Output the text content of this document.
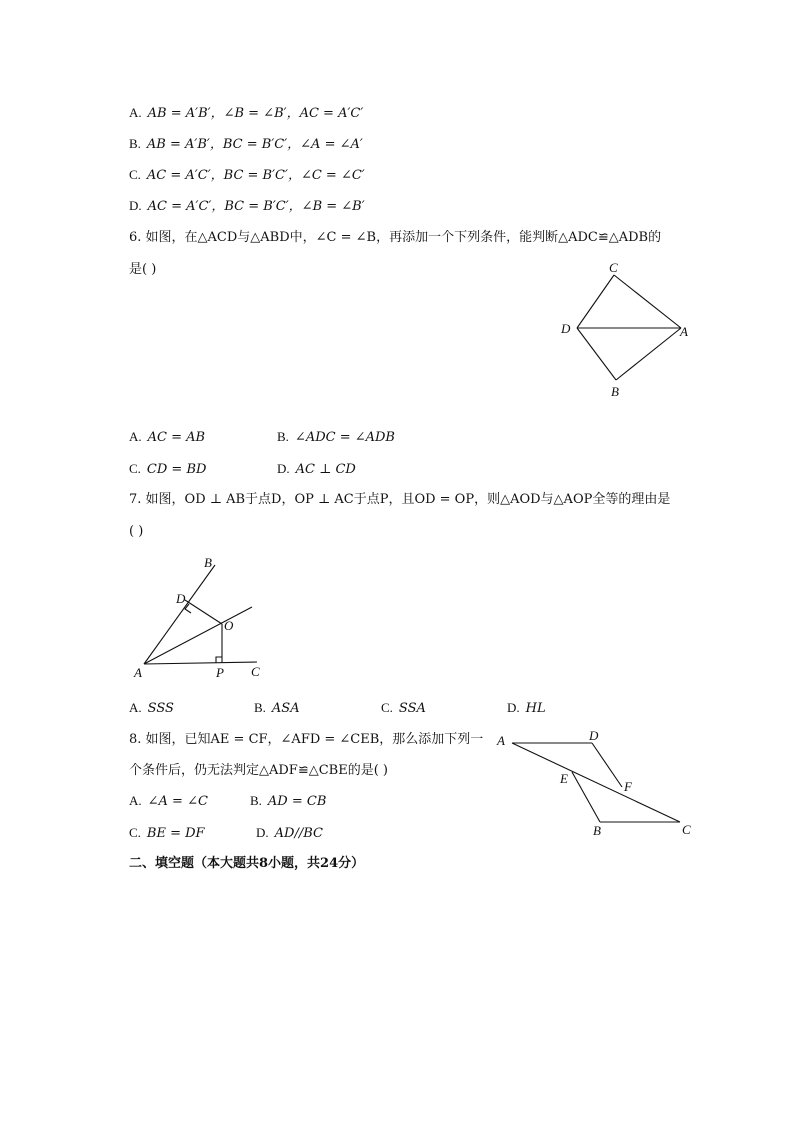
A. AB = A′B′，∠B = ∠B′，AC = A′C′
B. AB = A′B′，BC = B′C′，∠A = ∠A′
C. AC = A′C′，BC = B′C′，∠C = ∠C′
D. AC = A′C′，BC = B′C′，∠B = ∠B′
6. 如图，在△ACD与△ABD中，∠C = ∠B，再添加一个下列条件，能判断△ADC≌△ADB的
是( )	C
D	A
B
A. AC = AB	B. ∠ADC = ∠ADB
C. CD = BD	D. AC ⊥ CD
7. 如图，OD ⊥ AB于点D，OP ⊥ AC于点P，且OD = OP，则△AOD与△AOP全等的理由是
( )
B
D
O
A	P C
A. SSS	B. ASA	C. SSA	D. HL
8. 如图，已知AE = CF，∠AFD = ∠CEB，那么添加下列一
个条件后，仍无法判定△ADF≌△CBE的是( )
A	D
E
F
B	C
A. ∠A = ∠C	B. AD = CB
C. BE = DF	D. AD//BC
二、填空题（本大题共8小题，共24分）
